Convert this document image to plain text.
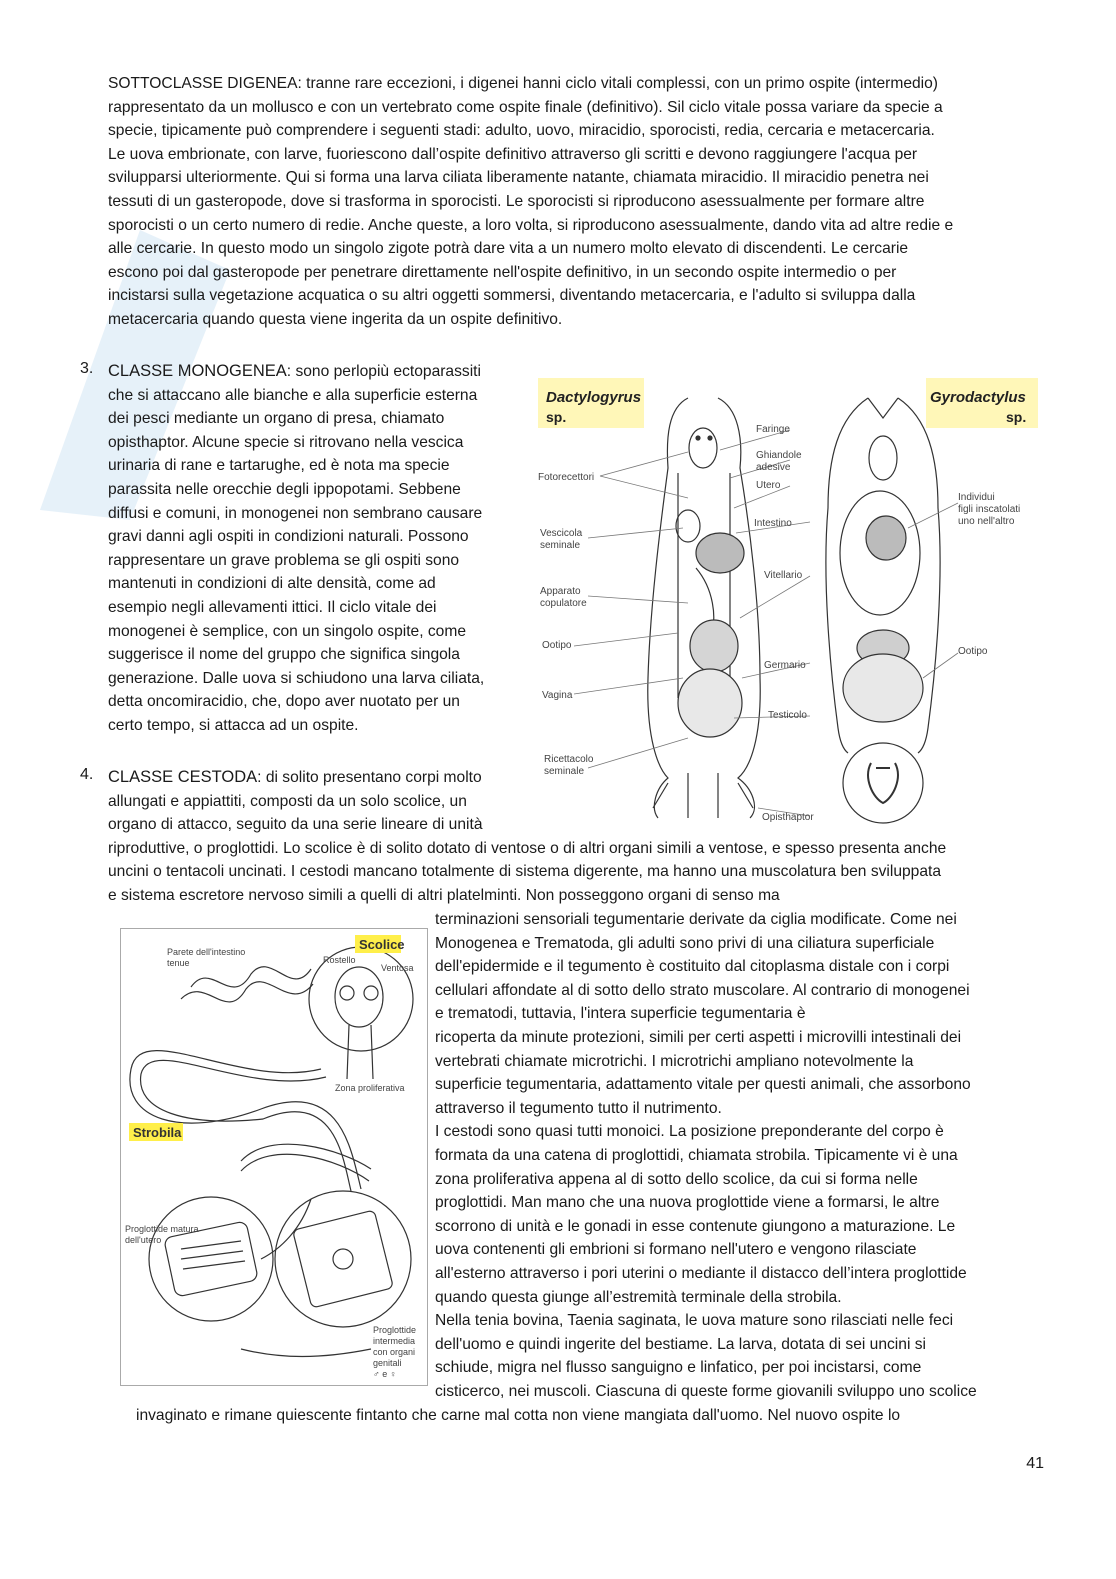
SOTTOCLASSE DIGENEA: tranne rare eccezioni, i digenei hanni ciclo vitali complessi, con un primo ospite (intermedio)
rappresentato da un mollusco e con un vertebrato come ospite finale (definitivo). Sil ciclo vitale possa variare da specie a
specie, tipicamente può comprendere i seguenti stadi: adulto, uovo, miracidio, sporocisti, redia, cercaria e metacercaria.
Le uova embrionate, con larve, fuoriescono dall’ospite definitivo attraverso gli scritti e devono raggiungere l'acqua per
svilupparsi ulteriormente. Qui si forma una larva ciliata liberamente natante, chiamata miracidio. Il miracidio penetra nei
tessuti di un gasteropode, dove si trasforma in sporocisti. Le sporocisti si riproducono asessualmente per formare altre
sporocisti o un certo numero di redie. Anche queste, a loro volta, si riproducono asessualmente, dando vita ad altre redie e
alle cercarie. In questo modo un singolo zigote potrà dare vita a un numero molto elevato di discendenti. Le cercarie
escono poi dal gasteropode per penetrare direttamente nell'ospite definitivo, in un secondo ospite intermedio o per
incistarsi sulla vegetazione acquatica o su altri oggetti sommersi, diventando metacercaria, e l'adulto si sviluppa dalla
metacercaria quando questa viene ingerita da un ospite definitivo.
3. CLASSE MONOGENEA: sono perlopiù ectoparassiti
che si attaccano alle bianche e alla superficie esterna
dei pesci mediante un organo di presa, chiamato
opisthaptor. Alcune specie si ritrovano nella vescica
urinaria di rane e tartarughe, ed è nota ma specie
parassita nelle orecchie degli ippopotami. Sebbene
diffusi e comuni, in monogenei non sembrano causare
gravi danni agli ospiti in condizioni naturali. Possono
rappresentare un grave problema se gli ospiti sono
mantenuti in condizioni di alte densità, come ad
esempio negli allevamenti ittici. Il ciclo vitale dei
monogenei è semplice, con un singolo ospite, come
suggerisce il nome del gruppo che significa singola
generazione. Dalle uova si schiudono una larva ciliata,
detta oncomiracidio, che, dopo aver nuotato per un
certo tempo, si attacca ad un ospite.
Dactylogyrus
sp.
Gyrodactylus
sp.
Fotorecettori
Vescicola
seminale
Apparato
copulatore
Ootipo
Vagina
Ricettacolo
seminale
Faringe
Ghiandole
adesive
Utero
Intestino
Vitellario
Germario
Testicolo
Opisthaptor
Individui
figli inscatolati
uno nell'altro
Ootipo
4. CLASSE CESTODA: di solito presentano corpi molto
allungati e appiattiti, composti da un solo scolice, un
organo di attacco, seguito da una serie lineare di unità
riproduttive, o proglottidi. Lo scolice è di solito dotato di ventose o di altri organi simili a ventose, e spesso presenta anche
uncini o tentacoli uncinati. I cestodi mancano totalmente di sistema digerente, ma hanno una muscolatura ben sviluppata
e sistema escretore nervoso simili a quelli di altri platelminti. Non posseggono organi di senso ma
Scolice
Strobila
Parete dell'intestino
tenue	Rostello
Ventosa
Zona proliferativa
Proglottide matura
dell'utero
Proglottide
intermedia
con organi
genitali
♂ e ♀
terminazioni sensoriali tegumentarie derivate da ciglia modificate. Come nei
Monogenea e Trematoda, gli adulti sono privi di una ciliatura superficiale
dell'epidermide e il tegumento è costituito dal citoplasma distale con i corpi
cellulari affondate al di sotto dello strato muscolare. Al contrario di monogenei
e trematodi, tuttavia, l'intera superficie tegumentaria è
ricoperta da minute protezioni, simili per certi aspetti i microvilli intestinali dei
vertebrati chiamate microtrichi. I microtrichi ampliano notevolmente la
superficie tegumentaria, adattamento vitale per questi animali, che assorbono
attraverso il tegumento tutto il nutrimento.
I cestodi sono quasi tutti monoici. La posizione preponderante del corpo è
formata da una catena di proglottidi, chiamata strobila. Tipicamente vi è una
zona proliferativa appena al di sotto dello scolice, da cui si forma nelle
proglottidi. Man mano che una nuova proglottide viene a formarsi, le altre
scorrono di unità e le gonadi in esse contenute giungono a maturazione. Le
uova contenenti gli embrioni si formano nell'utero e vengono rilasciate
all'esterno attraverso i pori uterini o mediante il distacco dell’intera proglottide
quando questa giunge all’estremità terminale della strobila.
Nella tenia bovina, Taenia saginata, le uova mature sono rilasciati nelle feci
dell'uomo e quindi ingerite del bestiame. La larva, dotata di sei uncini si
schiude, migra nel flusso sanguigno e linfatico, per poi incistarsi, come
cisticerco, nei muscoli. Ciascuna di queste forme giovanili sviluppo uno scolice
invaginato e rimane quiescente fintanto che carne mal cotta non viene mangiata dall'uomo. Nel nuovo ospite lo
41
